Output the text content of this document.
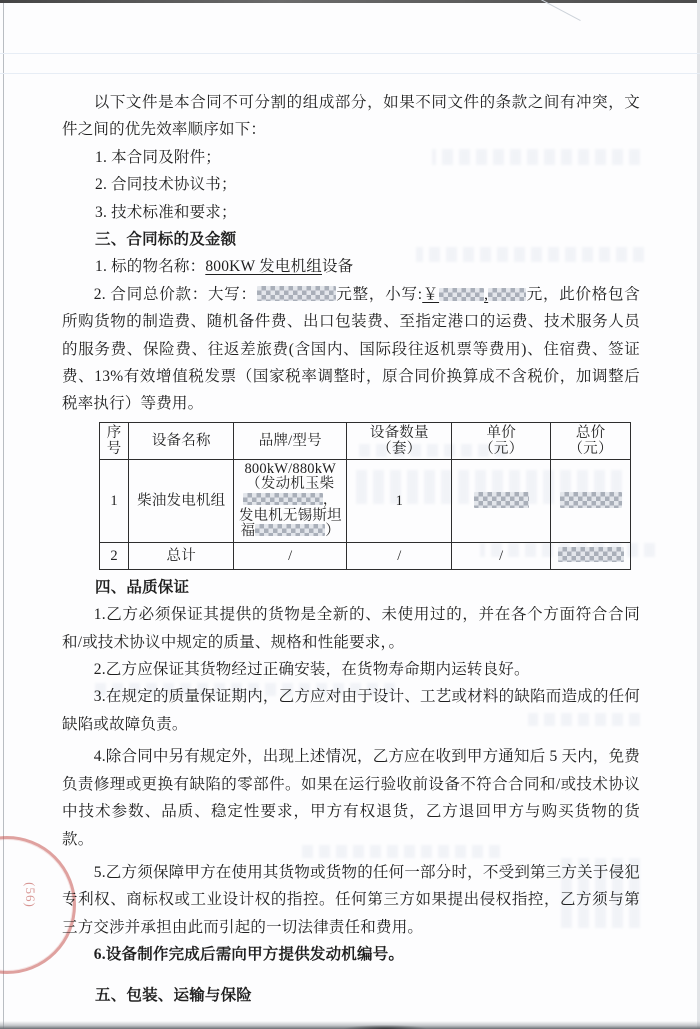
(56)

以下文件是本合同不可分割的组成部分，如果不同文件的条款之间有冲突，文件之间的优先效率顺序如下：

1. 本合同及附件；
2. 合同技术协议书；
3. 技术标准和要求；

三、合同标的及金额

1. 标的物名称：800KW 发电机组设备

2. 合同总价款：大写：	元整，小写:￥	, 元，此价格包含所购货物的制造费、随机备件费、出口包装费、至指定港口的运费、技术服务人员的服务费、保险费、往返差旅费(含国内、国际段往返机票等费用)、住宿费、签证费、13%有效增值税发票（国家税率调整时，原合同价换算成不含税价，加调整后税率执行）等费用。

序
号	设备名称	品牌/型号	设备数量
（套）	单价
（元）	总价
（元）

1	柴油发电机组	800kW/880kW
（发动机玉柴
，
发电机无锡斯坦
福 ）	1		
2	总计	/	/	/	

四、品质保证

1.乙方必须保证其提供的货物是全新的、未使用过的，并在各个方面符合合同和/或技术协议中规定的质量、规格和性能要求，。

2.乙方应保证其货物经过正确安装，在货物寿命期内运转良好。

3.在规定的质量保证期内，乙方应对由于设计、工艺或材料的缺陷而造成的任何缺陷或故障负责。

4.除合同中另有规定外，出现上述情况，乙方应在收到甲方通知后 5 天内，免费负责修理或更换有缺陷的零部件。如果在运行验收前设备不符合合同和/或技术协议中技术参数、品质、稳定性要求，甲方有权退货，乙方退回甲方与购买货物的货款。

5.乙方须保障甲方在使用其货物或货物的任何一部分时，不受到第三方关于侵犯专利权、商标权或工业设计权的指控。任何第三方如果提出侵权指控，乙方须与第三方交涉并承担由此而引起的一切法律责任和费用。

6.设备制作完成后需向甲方提供发动机编号。

五、包装、运输与保险
